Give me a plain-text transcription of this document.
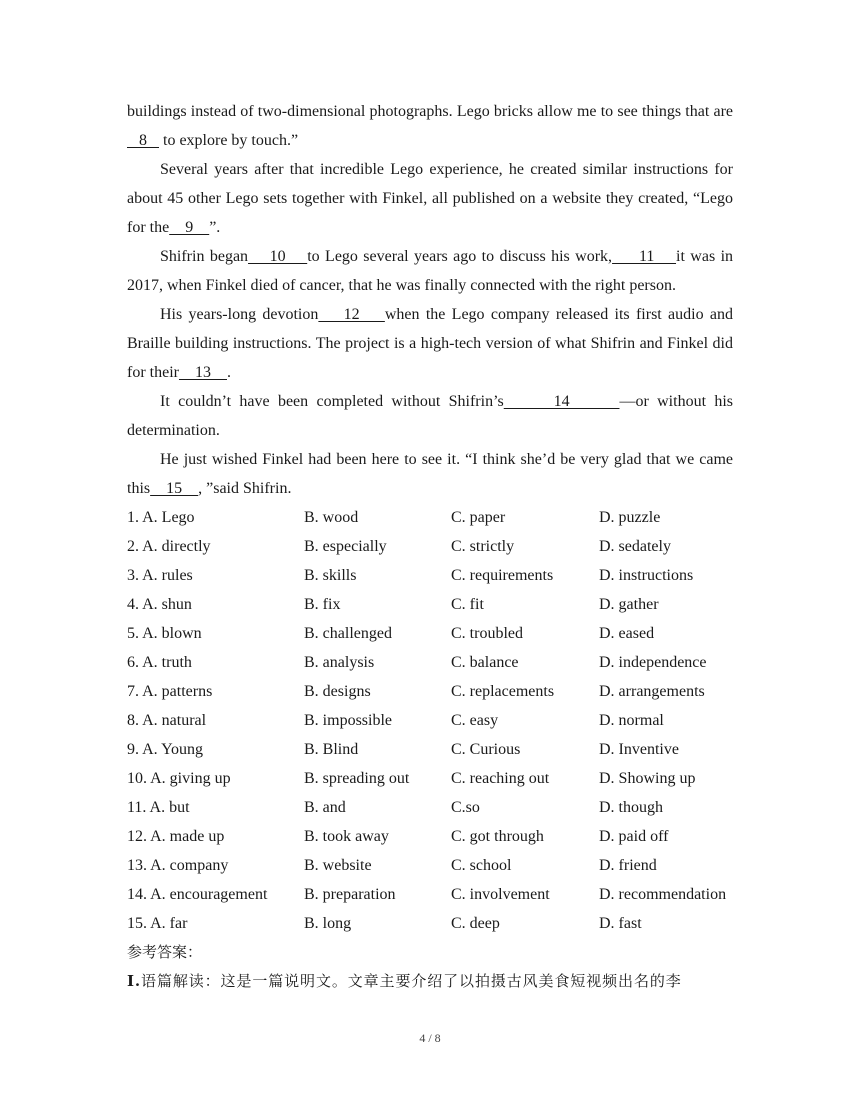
buildings instead of two-dimensional photographs. Lego bricks allow me to see things that are   8    to explore by touch.”

Several years after that incredible Lego experience, he created similar instructions for about 45 other Lego sets together with Finkel, all published on a website they created, “Lego for the    9    ”.

Shifrin began    10    to Lego several years ago to discuss his work,     11    it was in 2017, when Finkel died of cancer, that he was finally connected with the right person.

His years-long devotion    12    when the Lego company released its first audio and Braille building instructions. The project is a high-tech version of what Shifrin and Finkel did for their    13    .

It couldn’t have been completed without Shifrin’s      14      —or without his determination.

He just wished Finkel had been here to see it. “I think she’d be very glad that we came this    15    , ”said Shifrin.

1. A. Lego	B. wood	C. paper	D. puzzle
2. A. directly	B. especially	C. strictly	D. sedately
3. A. rules	B. skills	C. requirements	D. instructions
4. A. shun	B. fix	C. fit	D. gather
5. A. blown	B. challenged	C. troubled	D. eased
6. A. truth	B. analysis	C. balance	D. independence
7. A. patterns	B. designs	C. replacements	D. arrangements
8. A. natural	B. impossible	C. easy	D. normal
9. A. Young	B. Blind	C. Curious	D. Inventive
10. A. giving up	B. spreading out	C. reaching out	D. Showing up
11. A. but	B. and	C.so	D. though
12. A. made up	B. took away	C. got through	D. paid off
13. A. company	B. website	C. school	D. friend
14. A. encouragement	B. preparation	C. involvement	D. recommendation
15. A. far	B. long	C. deep	D. fast
参考答案：
Ⅰ.语篇解读：这是一篇说明文。文章主要介绍了以拍摄古风美食短视频出名的李
4 / 8
